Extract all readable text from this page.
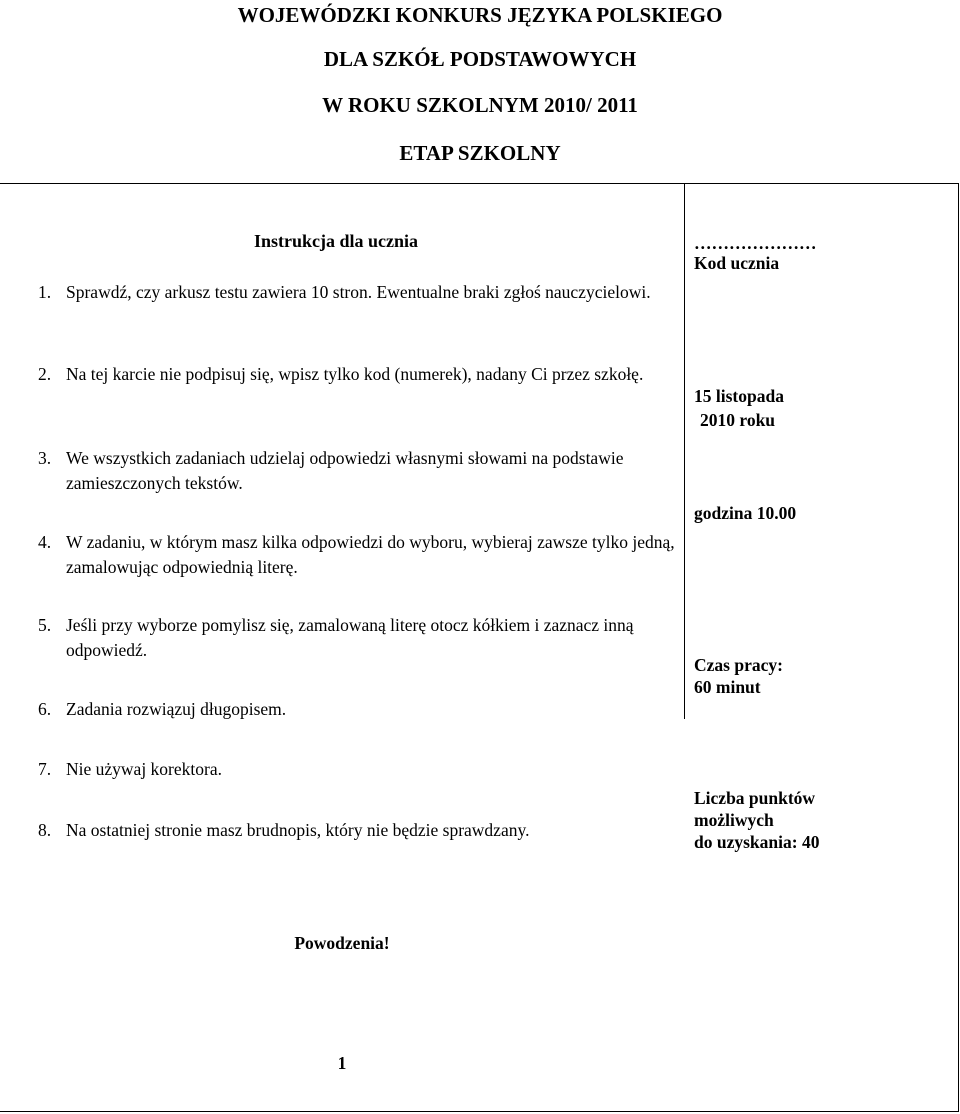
WOJEWÓDZKI KONKURS JĘZYKA POLSKIEGO
DLA SZKÓŁ PODSTAWOWYCH
W ROKU SZKOLNYM 2010/ 2011
ETAP SZKOLNY
Instrukcja dla ucznia
1. Sprawdź, czy arkusz testu zawiera 10 stron. Ewentualne braki zgłoś nauczycielowi.
2. Na tej karcie nie podpisuj się, wpisz tylko kod (numerek), nadany Ci przez szkołę.
3. We wszystkich zadaniach udzielaj odpowiedzi własnymi słowami na podstawie zamieszczonych tekstów.
4. W zadaniu, w którym masz kilka odpowiedzi do wyboru, wybieraj zawsze tylko jedną, zamalowując odpowiednią literę.
5. Jeśli przy wyborze pomylisz się, zamalowaną literę otocz kółkiem i zaznacz inną odpowiedź.
6. Zadania rozwiązuj długopisem.
7. Nie używaj korektora.
8. Na ostatniej stronie masz brudnopis, który nie będzie sprawdzany.
…………………
Kod ucznia
15 listopada
2010 roku
godzina 10.00
Czas pracy:
60 minut
Liczba punktów
możliwych
do uzyskania: 40
Powodzenia!
1
